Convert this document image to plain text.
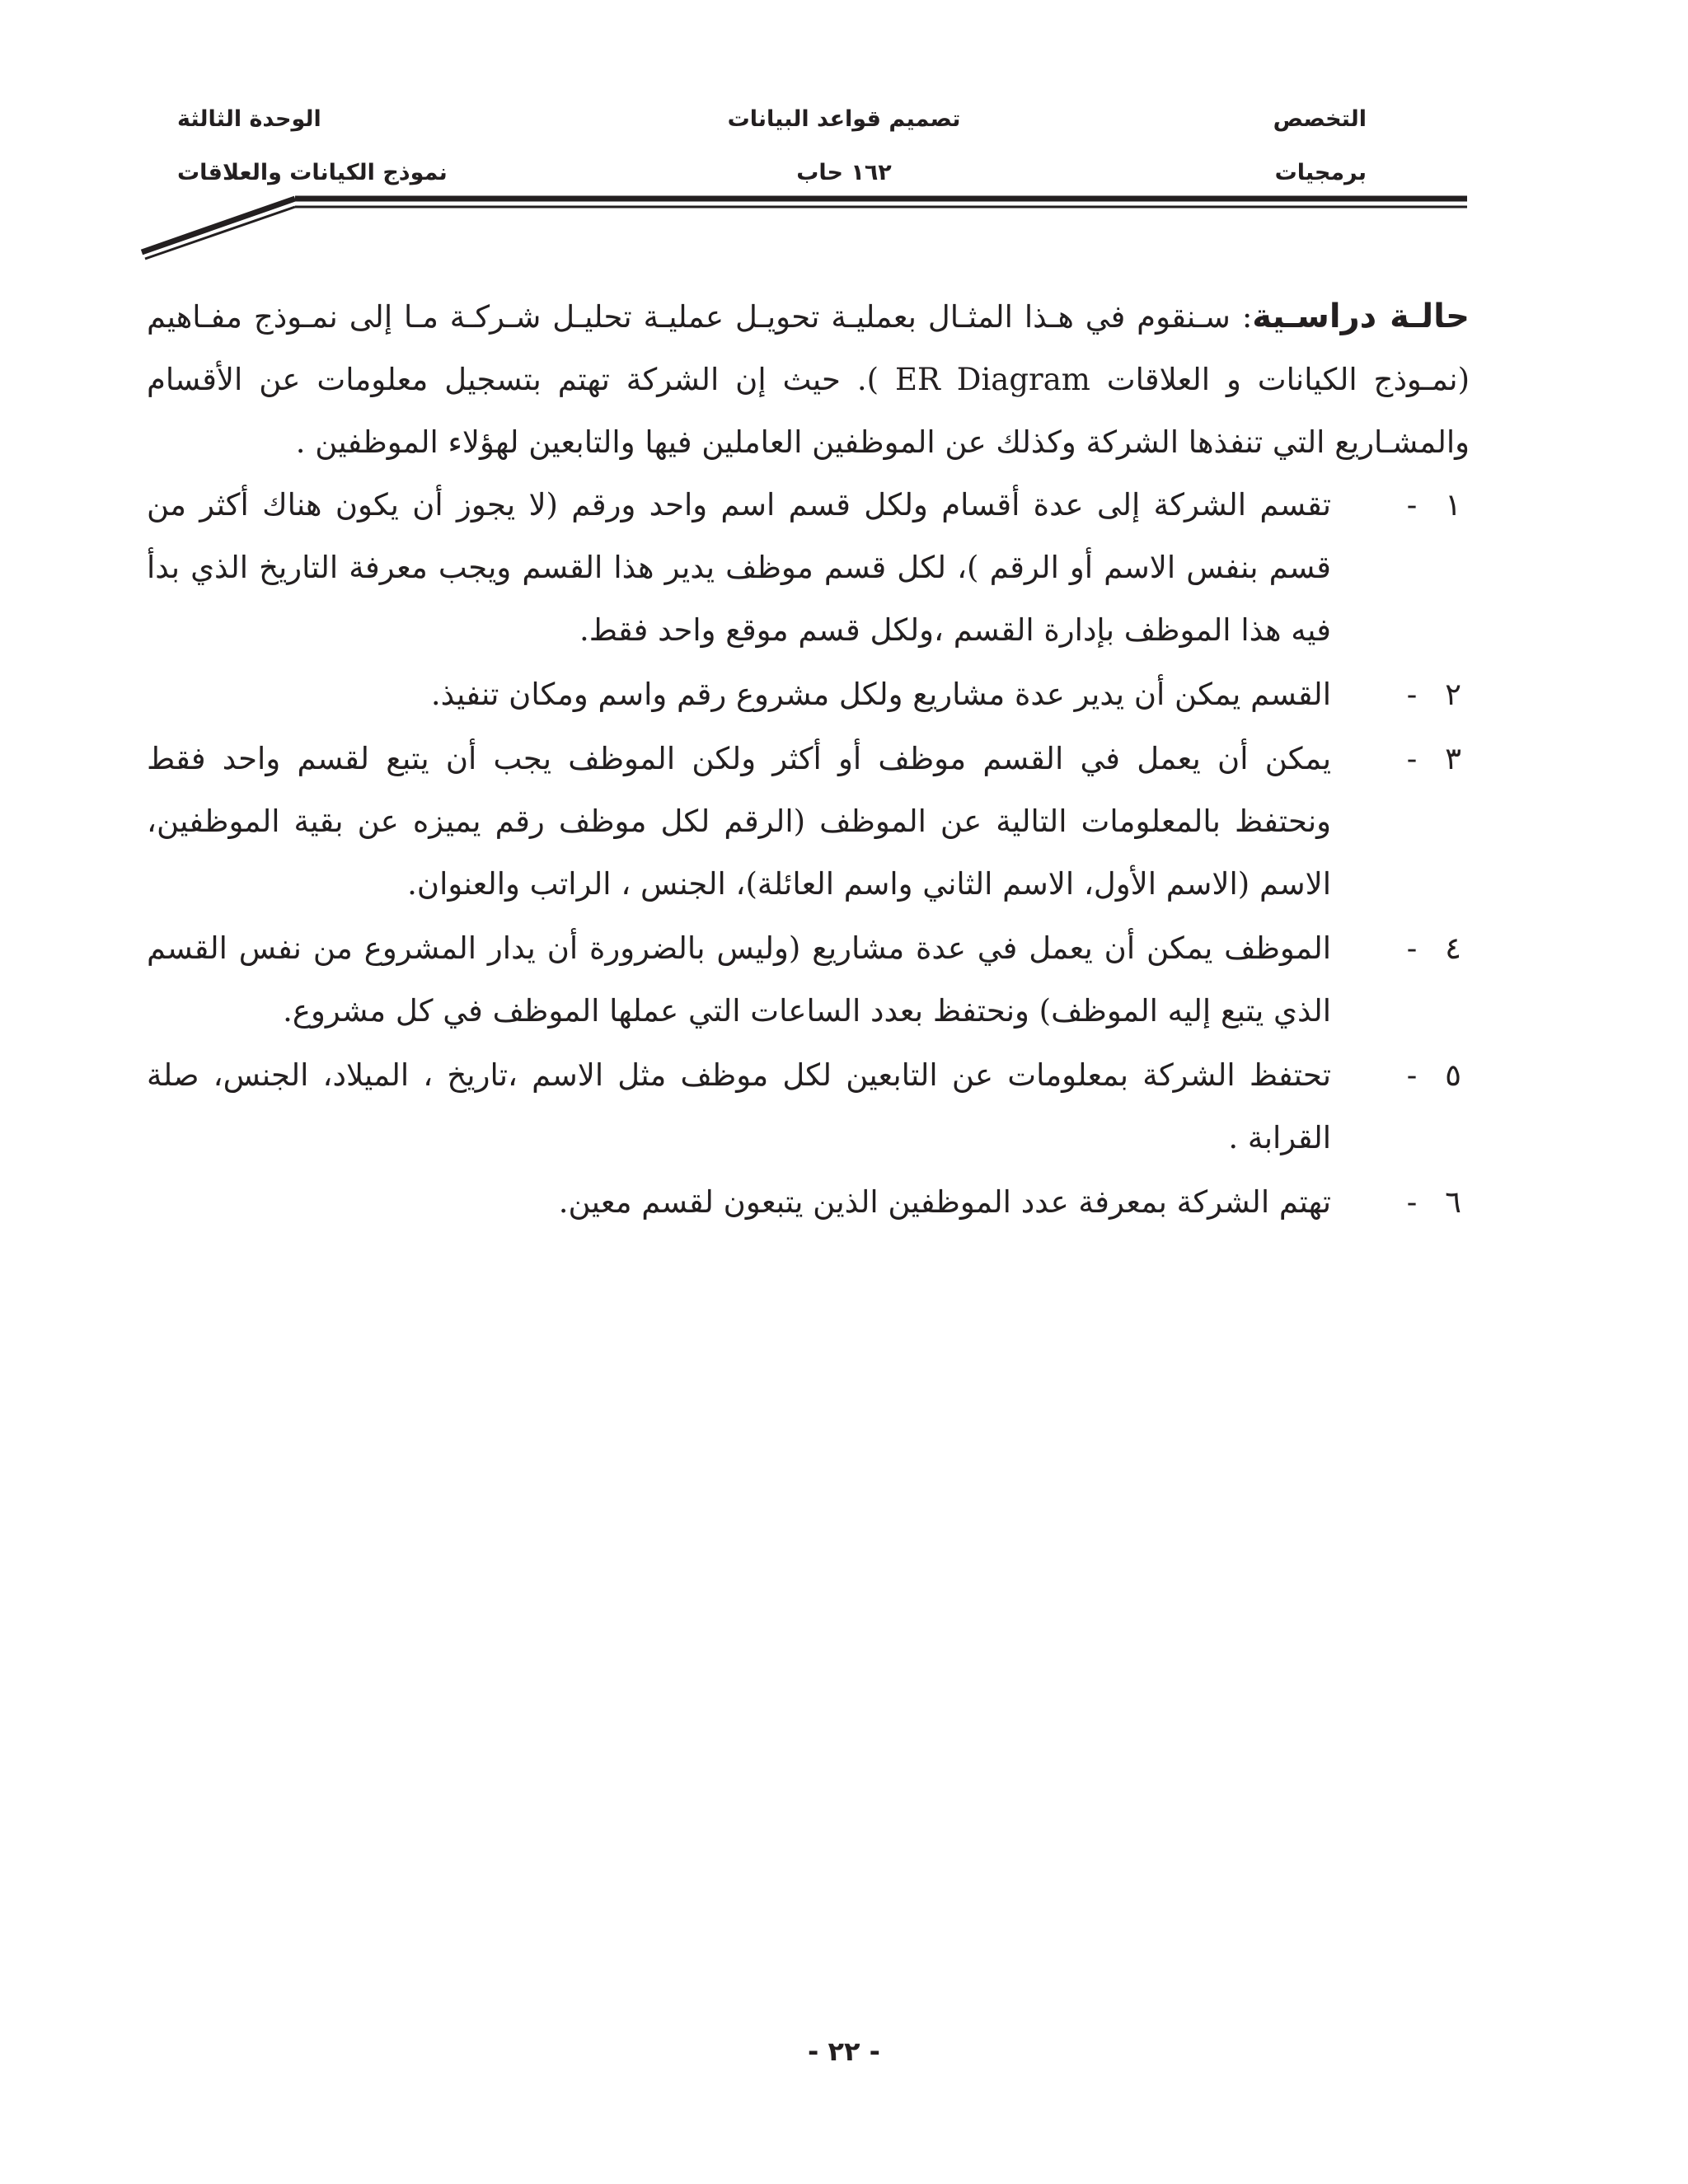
التخصص
تصميم قواعد البيانات
الوحدة الثالثة
برمجيات
١٦٢ حاب
نموذج الكيانات والعلاقات
حالـة دراسـية: سـنقوم في هـذا المثـال بعمليـة تحويـل عمليـة تحليـل شـركـة مـا إلى نمـوذج مفـاهيم (نمـوذج الكيانات و العلاقات ER Diagram ). حيث إن الشركة تهتم بتسجيل معلومات عن الأقسام والمشـاريع التي تنفذها الشركة وكذلك عن الموظفين العاملين فيها والتابعين لهؤلاء الموظفين .
١-
تقسم الشركة إلى عدة أقسام ولكل قسم اسم واحد ورقم (لا يجوز أن يكون هناك أكثر من قسم بنفس الاسم أو الرقم )، لكل قسم موظف يدير هذا القسم ويجب معرفة التاريخ الذي بدأ فيه هذا الموظف بإدارة القسم ،ولكل قسم موقع واحد فقط.
٢-
القسم يمكن أن يدير عدة مشاريع ولكل مشروع رقم واسم ومكان تنفيذ.
٣-
يمكن أن يعمل في القسم موظف أو أكثر ولكن الموظف يجب أن يتبع لقسم واحد فقط ونحتفظ بالمعلومات التالية عن الموظف (الرقم لكل موظف رقم يميزه عن بقية الموظفين، الاسم (الاسم الأول، الاسم الثاني واسم العائلة)، الجنس ، الراتب والعنوان.
٤-
الموظف يمكن أن يعمل في عدة مشاريع (وليس بالضرورة أن يدار المشروع من نفس القسم الذي يتبع إليه الموظف) ونحتفظ بعدد الساعات التي عملها الموظف في كل مشروع.
٥-
تحتفظ الشركة بمعلومات عن التابعين لكل موظف مثل الاسم ،تاريخ ، الميلاد، الجنس، صلة القرابة .
٦-
تهتم الشركة بمعرفة عدد الموظفين الذين يتبعون لقسم معين.
- ٢٢ -
